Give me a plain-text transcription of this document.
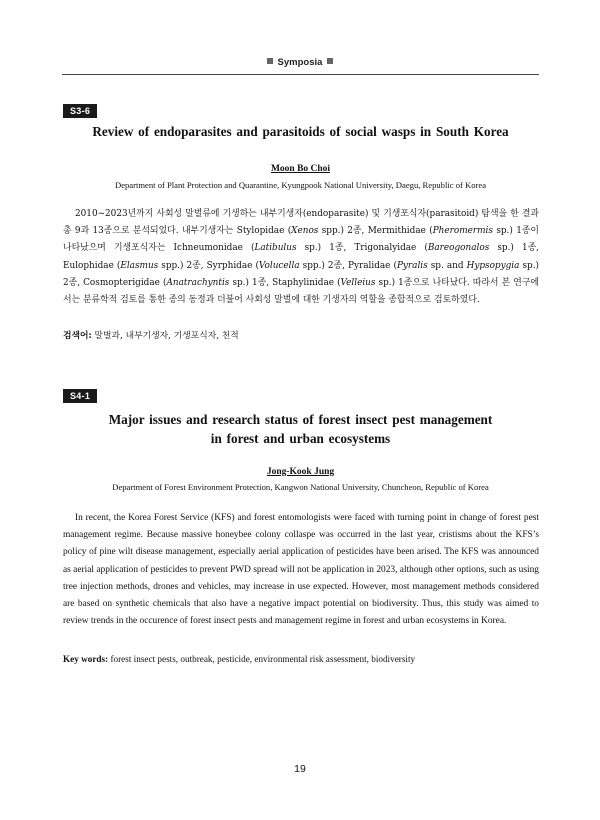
Symposia
S3-6
Review of endoparasites and parasitoids of social wasps in South Korea
Moon Bo Choi
Department of Plant Protection and Quarantine, Kyungpook National University, Daegu, Republic of Korea

2010~2023년까지 사회성 말벌류에 기생하는 내부기생자(endoparasite) 및 기생포식자(parasitoid) 탐색을 한 결과 총 9과 13종으로 분석되었다. 내부기생자는 Stylopidae (Xenos spp.) 2종, Mermithidae (Pheromermis sp.) 1종이 나타났으며 기생포식자는 Ichneumonidae (Latibulus sp.) 1종, Trigonalyidae (Bareogonalos sp.) 1종, Eulophidae (Elasmus spp.) 2종, Syrphidae (Volucella spp.) 2종, Pyralidae (Pyralis sp. and Hypsopygia sp.) 2종, Cosmopterigidae (Anatrachyntis sp.) 1종, Staphylinidae (Velleius sp.) 1종으로 나타났다. 따라서 본 연구에서는 분류학적 검토를 통한 종의 동정과 더불어 사회성 말벌에 대한 기생자의 역할을 종합적으로 검토하였다.

검색어: 말벌과, 내부기생자, 기생포식자, 천적
S4-1
Major issues and research status of forest insect pest management
in forest and urban ecosystems
Jong-Kook Jung
Department of Forest Environment Protection, Kangwon National University, Chuncheon, Republic of Korea

In recent, the Korea Forest Service (KFS) and forest entomologists were faced with turning point in change of forest pest management regime. Because massive honeybee colony collaspe was occurred in the last year, cristisms about the KFS’s policy of pine wilt disease management, especially aerial application of pesticides have been arised. The KFS was announced as aerial application of pesticides to prevent PWD spread will not be application in 2023, although other options, such as using tree injection methods, drones and vehicles, may increase in use expected. However, most management methods considered are based on synthetic chemicals that also have a negative impact potential on biodiversity. Thus, this study was aimed to review trends in the occurence of forest insect pests and management regime in forest and urban ecosystems in Korea.

Key words: forest insect pests, outbreak, pesticide, environmental risk assessment, biodiversity
19
